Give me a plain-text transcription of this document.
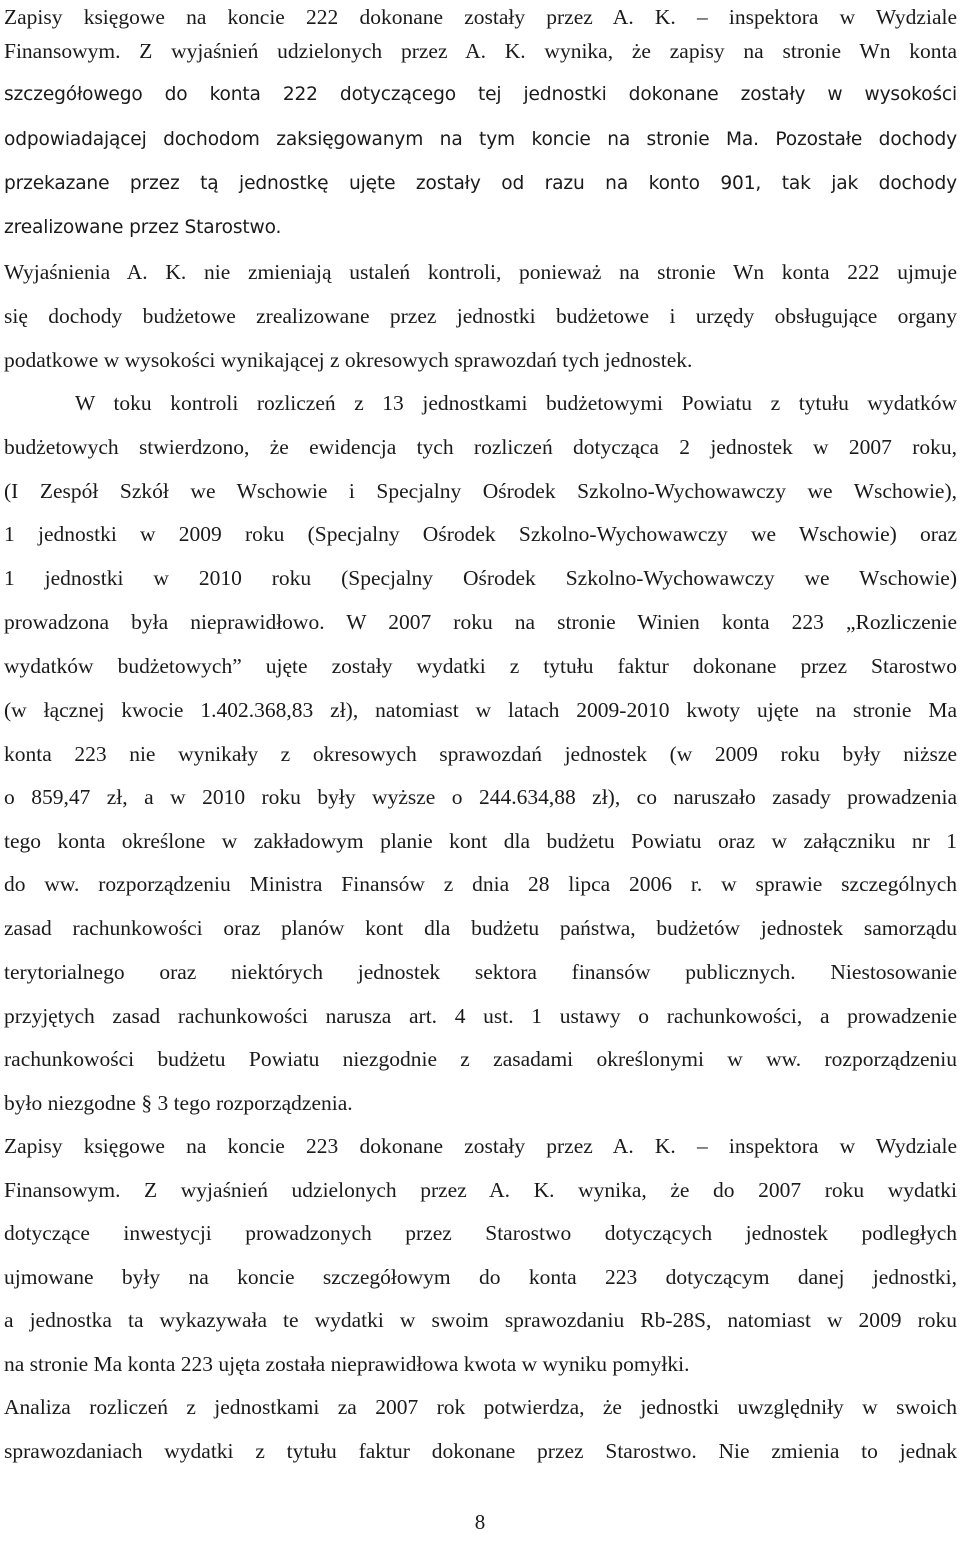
Zapisy księgowe na koncie 222 dokonane zostały przez A. K. – inspektora w Wydziale
Finansowym. Z wyjaśnień udzielonych przez A. K. wynika, że zapisy na stronie Wn konta
szczegółowego do konta 222 dotyczącego tej jednostki dokonane zostały w wysokości
odpowiadającej dochodom zaksięgowanym na tym koncie na stronie Ma. Pozostałe dochody
przekazane przez tą jednostkę ujęte zostały od razu na konto 901, tak jak dochody
zrealizowane przez Starostwo.
Wyjaśnienia A. K. nie zmieniają ustaleń kontroli, ponieważ na stronie Wn konta 222 ujmuje
się dochody budżetowe zrealizowane przez jednostki budżetowe i urzędy obsługujące organy
podatkowe w wysokości wynikającej z okresowych sprawozdań tych jednostek.
W toku kontroli rozliczeń z 13 jednostkami budżetowymi Powiatu z tytułu wydatków
budżetowych stwierdzono, że ewidencja tych rozliczeń dotycząca 2 jednostek w 2007 roku,
(I Zespół Szkół we Wschowie i Specjalny Ośrodek Szkolno-Wychowawczy we Wschowie),
1 jednostki w 2009 roku (Specjalny Ośrodek Szkolno-Wychowawczy we Wschowie) oraz
1 jednostki w 2010 roku (Specjalny Ośrodek Szkolno-Wychowawczy we Wschowie)
prowadzona była nieprawidłowo. W 2007 roku na stronie Winien konta 223 „Rozliczenie
wydatków budżetowych” ujęte zostały wydatki z tytułu faktur dokonane przez Starostwo
(w łącznej kwocie 1.402.368,83 zł), natomiast w latach 2009-2010 kwoty ujęte na stronie Ma
konta 223 nie wynikały z okresowych sprawozdań jednostek (w 2009 roku były niższe
o 859,47 zł, a w 2010 roku były wyższe o 244.634,88 zł), co naruszało zasady prowadzenia
tego konta określone w zakładowym planie kont dla budżetu Powiatu oraz w załączniku nr 1
do ww. rozporządzeniu Ministra Finansów z dnia 28 lipca 2006 r. w sprawie szczególnych
zasad rachunkowości oraz planów kont dla budżetu państwa, budżetów jednostek samorządu
terytorialnego oraz niektórych jednostek sektora finansów publicznych. Niestosowanie
przyjętych zasad rachunkowości narusza art. 4 ust. 1 ustawy o rachunkowości, a prowadzenie
rachunkowości budżetu Powiatu niezgodnie z zasadami określonymi w ww. rozporządzeniu
było niezgodne § 3 tego rozporządzenia.
Zapisy księgowe na koncie 223 dokonane zostały przez A. K. – inspektora w Wydziale
Finansowym. Z wyjaśnień udzielonych przez A. K. wynika, że do 2007 roku wydatki
dotyczące inwestycji prowadzonych przez Starostwo dotyczących jednostek podległych
ujmowane były na koncie szczegółowym do konta 223 dotyczącym danej jednostki,
a jednostka ta wykazywała te wydatki w swoim sprawozdaniu Rb-28S, natomiast w 2009 roku
na stronie Ma konta 223 ujęta została nieprawidłowa kwota w wyniku pomyłki.
Analiza rozliczeń z jednostkami za 2007 rok potwierdza, że jednostki uwzględniły w swoich
sprawozdaniach wydatki z tytułu faktur dokonane przez Starostwo. Nie zmienia to jednak
8
